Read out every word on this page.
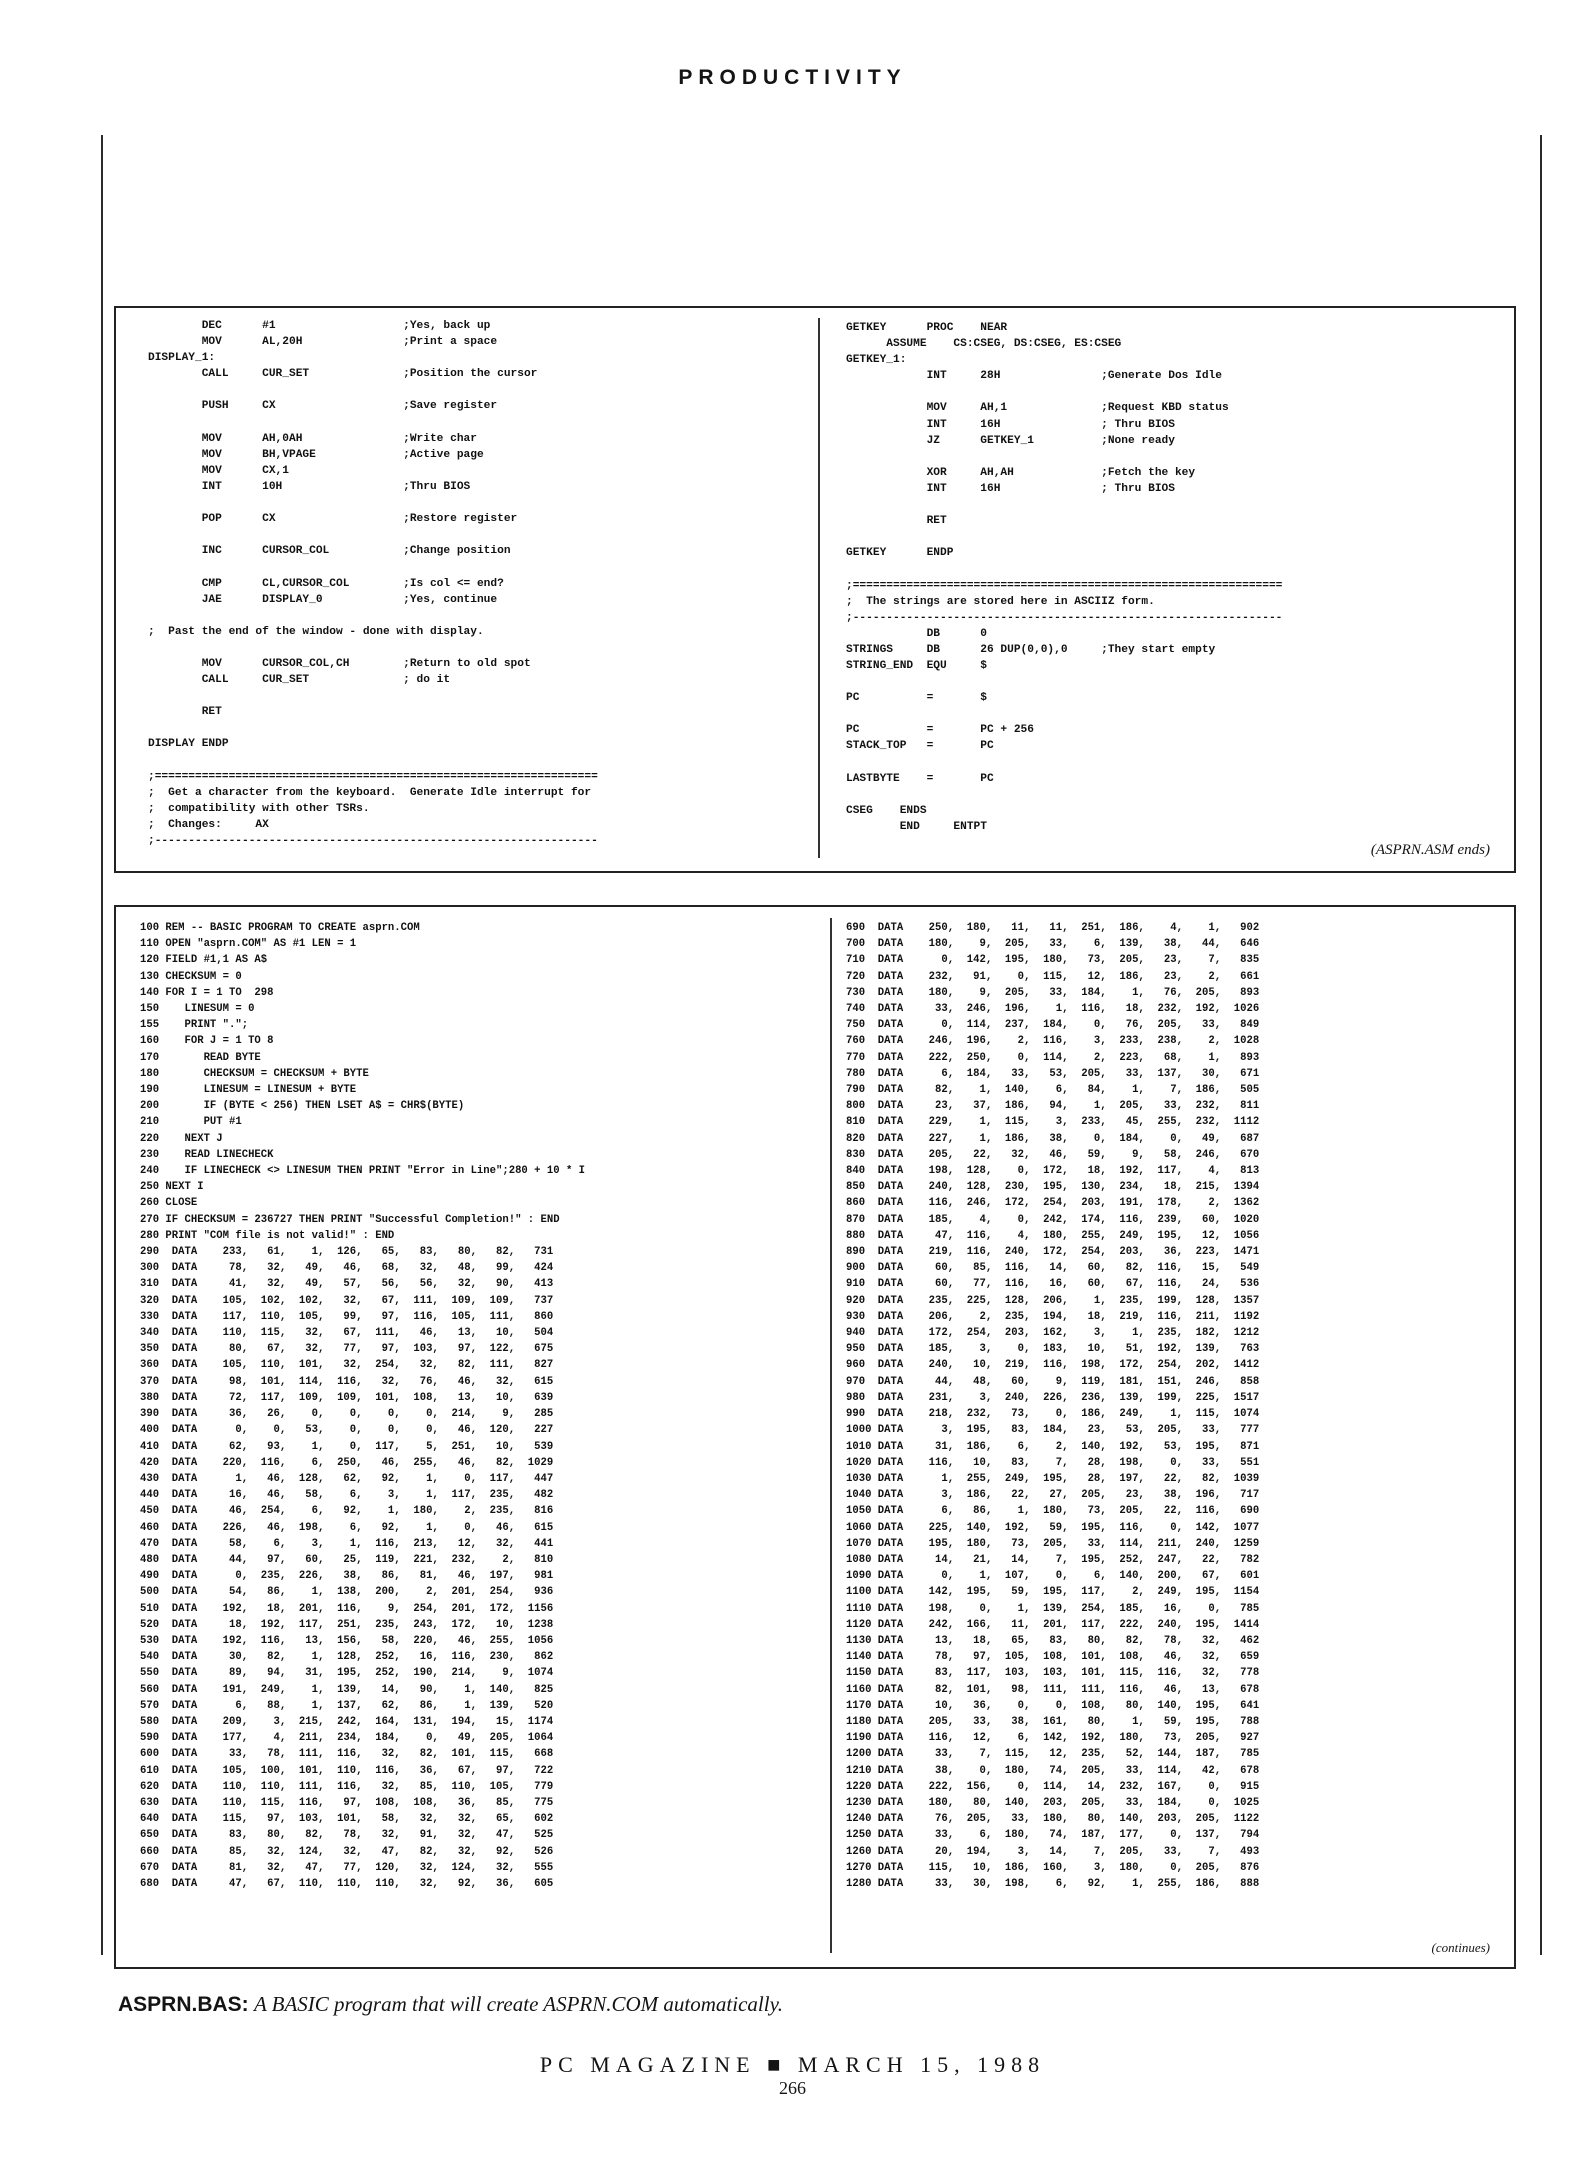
PRODUCTIVITY
DEC      #1                   ;Yes, back up
MOV      AL,20H               ;Print a space
DISPLAY_1:
CALL     CUR_SET              ;Position the cursor

PUSH     CX                   ;Save register

MOV      AH,0AH               ;Write char
MOV      BH,VPAGE             ;Active page
MOV      CX,1
INT      10H                  ;Thru BIOS

POP      CX                   ;Restore register

INC      CURSOR_COL           ;Change position

CMP      CL,CURSOR_COL        ;Is col <= end?
JAE      DISPLAY_0            ;Yes, continue

;  Past the end of the window - done with display.

MOV      CURSOR_COL,CH        ;Return to old spot
CALL     CUR_SET              ; do it

RET

DISPLAY ENDP

;==================================================================
;  Get a character from the keyboard.  Generate Idle interrupt for
;  compatibility with other TSRs.
;  Changes:     AX
;------------------------------------------------------------------
GETKEY      PROC    NEAR
ASSUME    CS:CSEG, DS:CSEG, ES:CSEG
GETKEY_1:
INT     28H               ;Generate Dos Idle

MOV     AH,1              ;Request KBD status
INT     16H               ; Thru BIOS
JZ      GETKEY_1          ;None ready

XOR     AH,AH             ;Fetch the key
INT     16H               ; Thru BIOS

RET

GETKEY      ENDP

;================================================================
;  The strings are stored here in ASCIIZ form.
;----------------------------------------------------------------
DB      0
STRINGS     DB      26 DUP(0,0),0     ;They start empty
STRING_END  EQU     $

PC          =       $

PC          =       PC + 256
STACK_TOP   =       PC

LASTBYTE    =       PC

CSEG    ENDS
END     ENTPT
(ASPRN.ASM ends)
100 REM -- BASIC PROGRAM TO CREATE asprn.COM
110 OPEN "asprn.COM" AS #1 LEN = 1
120 FIELD #1,1 AS A$
130 CHECKSUM = 0
140 FOR I = 1 TO  298
150    LINESUM = 0
155    PRINT ".";
160    FOR J = 1 TO 8
170       READ BYTE
180       CHECKSUM = CHECKSUM + BYTE
190       LINESUM = LINESUM + BYTE
200       IF (BYTE < 256) THEN LSET A$ = CHR$(BYTE)
210       PUT #1
220    NEXT J
230    READ LINECHECK
240    IF LINECHECK <> LINESUM THEN PRINT "Error in Line";280 + 10 * I
250 NEXT I
260 CLOSE
270 IF CHECKSUM = 236727 THEN PRINT "Successful Completion!" : END
280 PRINT "COM file is not valid!" : END
290  DATA    233,   61,    1,  126,   65,   83,   80,   82,   731
300  DATA     78,   32,   49,   46,   68,   32,   48,   99,   424
310  DATA     41,   32,   49,   57,   56,   56,   32,   90,   413
320  DATA    105,  102,  102,   32,   67,  111,  109,  109,   737
330  DATA    117,  110,  105,   99,   97,  116,  105,  111,   860
340  DATA    110,  115,   32,   67,  111,   46,   13,   10,   504
350  DATA     80,   67,   32,   77,   97,  103,   97,  122,   675
360  DATA    105,  110,  101,   32,  254,   32,   82,  111,   827
370  DATA     98,  101,  114,  116,   32,   76,   46,   32,   615
380  DATA     72,  117,  109,  109,  101,  108,   13,   10,   639
390  DATA     36,   26,    0,    0,    0,    0,  214,    9,   285
400  DATA      0,    0,   53,    0,    0,    0,   46,  120,   227
410  DATA     62,   93,    1,    0,  117,    5,  251,   10,   539
420  DATA    220,  116,    6,  250,   46,  255,   46,   82,  1029
430  DATA      1,   46,  128,   62,   92,    1,    0,  117,   447
440  DATA     16,   46,   58,    6,    3,    1,  117,  235,   482
450  DATA     46,  254,    6,   92,    1,  180,    2,  235,   816
460  DATA    226,   46,  198,    6,   92,    1,    0,   46,   615
470  DATA     58,    6,    3,    1,  116,  213,   12,   32,   441
480  DATA     44,   97,   60,   25,  119,  221,  232,    2,   810
490  DATA      0,  235,  226,   38,   86,   81,   46,  197,   981
500  DATA     54,   86,    1,  138,  200,    2,  201,  254,   936
510  DATA    192,   18,  201,  116,    9,  254,  201,  172,  1156
520  DATA     18,  192,  117,  251,  235,  243,  172,   10,  1238
530  DATA    192,  116,   13,  156,   58,  220,   46,  255,  1056
540  DATA     30,   82,    1,  128,  252,   16,  116,  230,   862
550  DATA     89,   94,   31,  195,  252,  190,  214,    9,  1074
560  DATA    191,  249,    1,  139,   14,   90,    1,  140,   825
570  DATA      6,   88,    1,  137,   62,   86,    1,  139,   520
580  DATA    209,    3,  215,  242,  164,  131,  194,   15,  1174
590  DATA    177,    4,  211,  234,  184,    0,   49,  205,  1064
600  DATA     33,   78,  111,  116,   32,   82,  101,  115,   668
610  DATA    105,  100,  101,  110,  116,   36,   67,   97,   722
620  DATA    110,  110,  111,  116,   32,   85,  110,  105,   779
630  DATA    110,  115,  116,   97,  108,  108,   36,   85,   775
640  DATA    115,   97,  103,  101,   58,   32,   32,   65,   602
650  DATA     83,   80,   82,   78,   32,   91,   32,   47,   525
660  DATA     85,   32,  124,   32,   47,   82,   32,   92,   526
670  DATA     81,   32,   47,   77,  120,   32,  124,   32,   555
680  DATA     47,   67,  110,  110,  110,   32,   92,   36,   605
690  DATA    250,  180,   11,   11,  251,  186,    4,    1,   902
700  DATA    180,    9,  205,   33,    6,  139,   38,   44,   646
710  DATA      0,  142,  195,  180,   73,  205,   23,    7,   835
720  DATA    232,   91,    0,  115,   12,  186,   23,    2,   661
730  DATA    180,    9,  205,   33,  184,    1,   76,  205,   893
740  DATA     33,  246,  196,    1,  116,   18,  232,  192,  1026
750  DATA      0,  114,  237,  184,    0,   76,  205,   33,   849
760  DATA    246,  196,    2,  116,    3,  233,  238,    2,  1028
770  DATA    222,  250,    0,  114,    2,  223,   68,    1,   893
780  DATA      6,  184,   33,   53,  205,   33,  137,   30,   671
790  DATA     82,    1,  140,    6,   84,    1,    7,  186,   505
800  DATA     23,   37,  186,   94,    1,  205,   33,  232,   811
810  DATA    229,    1,  115,    3,  233,   45,  255,  232,  1112
820  DATA    227,    1,  186,   38,    0,  184,    0,   49,   687
830  DATA    205,   22,   32,   46,   59,    9,   58,  246,   670
840  DATA    198,  128,    0,  172,   18,  192,  117,    4,   813
850  DATA    240,  128,  230,  195,  130,  234,   18,  215,  1394
860  DATA    116,  246,  172,  254,  203,  191,  178,    2,  1362
870  DATA    185,    4,    0,  242,  174,  116,  239,   60,  1020
880  DATA     47,  116,    4,  180,  255,  249,  195,   12,  1056
890  DATA    219,  116,  240,  172,  254,  203,   36,  223,  1471
900  DATA     60,   85,  116,   14,   60,   82,  116,   15,   549
910  DATA     60,   77,  116,   16,   60,   67,  116,   24,   536
920  DATA    235,  225,  128,  206,    1,  235,  199,  128,  1357
930  DATA    206,    2,  235,  194,   18,  219,  116,  211,  1192
940  DATA    172,  254,  203,  162,    3,    1,  235,  182,  1212
950  DATA    185,    3,    0,  183,   10,   51,  192,  139,   763
960  DATA    240,   10,  219,  116,  198,  172,  254,  202,  1412
970  DATA     44,   48,   60,    9,  119,  181,  151,  246,   858
980  DATA    231,    3,  240,  226,  236,  139,  199,  225,  1517
990  DATA    218,  232,   73,    0,  186,  249,    1,  115,  1074
1000 DATA      3,  195,   83,  184,   23,   53,  205,   33,   777
1010 DATA     31,  186,    6,    2,  140,  192,   53,  195,   871
1020 DATA    116,   10,   83,    7,   28,  198,    0,   33,   551
1030 DATA      1,  255,  249,  195,   28,  197,   22,   82,  1039
1040 DATA      3,  186,   22,   27,  205,   23,   38,  196,   717
1050 DATA      6,   86,    1,  180,   73,  205,   22,  116,   690
1060 DATA    225,  140,  192,   59,  195,  116,    0,  142,  1077
1070 DATA    195,  180,   73,  205,   33,  114,  211,  240,  1259
1080 DATA     14,   21,   14,    7,  195,  252,  247,   22,   782
1090 DATA      0,    1,  107,    0,    6,  140,  200,   67,   601
1100 DATA    142,  195,   59,  195,  117,    2,  249,  195,  1154
1110 DATA    198,    0,    1,  139,  254,  185,   16,    0,   785
1120 DATA    242,  166,   11,  201,  117,  222,  240,  195,  1414
1130 DATA     13,   18,   65,   83,   80,   82,   78,   32,   462
1140 DATA     78,   97,  105,  108,  101,  108,   46,   32,   659
1150 DATA     83,  117,  103,  103,  101,  115,  116,   32,   778
1160 DATA     82,  101,   98,  111,  111,  116,   46,   13,   678
1170 DATA     10,   36,    0,    0,  108,   80,  140,  195,   641
1180 DATA    205,   33,   38,  161,   80,    1,   59,  195,   788
1190 DATA    116,   12,    6,  142,  192,  180,   73,  205,   927
1200 DATA     33,    7,  115,   12,  235,   52,  144,  187,   785
1210 DATA     38,    0,  180,   74,  205,   33,  114,   42,   678
1220 DATA    222,  156,    0,  114,   14,  232,  167,    0,   915
1230 DATA    180,   80,  140,  203,  205,   33,  184,    0,  1025
1240 DATA     76,  205,   33,  180,   80,  140,  203,  205,  1122
1250 DATA     33,    6,  180,   74,  187,  177,    0,  137,   794
1260 DATA     20,  194,    3,   14,    7,  205,   33,    7,   493
1270 DATA    115,   10,  186,  160,    3,  180,    0,  205,   876
1280 DATA     33,   30,  198,    6,   92,    1,  255,  186,   888
(continues)
ASPRN.BAS: A BASIC program that will create ASPRN.COM automatically.
PC MAGAZINE ■ MARCH 15, 1988
266
